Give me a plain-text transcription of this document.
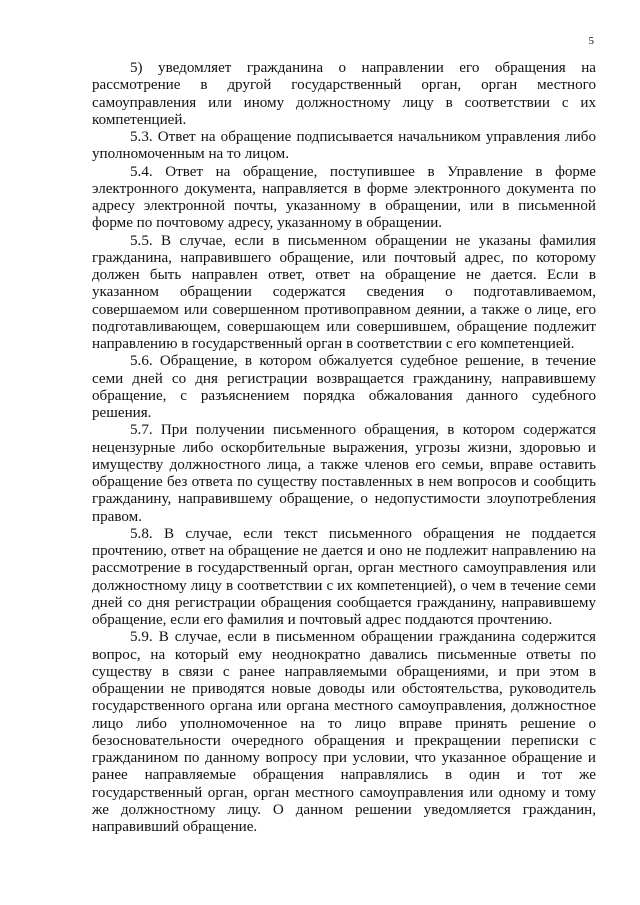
5

5) уведомляет гражданина о направлении его обращения на рассмотрение в другой государственный орган, орган местного самоуправления или иному должностному лицу в соответствии с их компетенцией.

5.3. Ответ на обращение подписывается начальником управления либо уполномоченным на то лицом.

5.4. Ответ на обращение, поступившее в Управление в форме электронного документа, направляется в форме электронного документа по адресу электронной почты, указанному в обращении, или в письменной форме по почтовому адресу, указанному в обращении.

5.5. В случае, если в письменном обращении не указаны фамилия гражданина, направившего обращение, или почтовый адрес, по которому должен быть направлен ответ, ответ на обращение не дается. Если в указанном обращении содержатся сведения о подготавливаемом, совершаемом или совершенном противоправном деянии, а также о лице, его подготавливающем, совершающем или совершившем, обращение подлежит направлению в государственный орган в соответствии с его компетенцией.

5.6. Обращение, в котором обжалуется судебное решение, в течение семи дней со дня регистрации возвращается гражданину, направившему обращение, с разъяснением порядка обжалования данного судебного решения.

5.7. При получении письменного обращения, в котором содержатся нецензурные либо оскорбительные выражения, угрозы жизни, здоровью и имуществу должностного лица, а также членов его семьи, вправе оставить обращение без ответа по существу поставленных в нем вопросов и сообщить гражданину, направившему обращение, о недопустимости злоупотребления правом.

5.8. В случае, если текст письменного обращения не поддается прочтению, ответ на обращение не дается и оно не подлежит направлению на рассмотрение в государственный орган, орган местного самоуправления или должностному лицу в соответствии с их компетенцией), о чем в течение семи дней со дня регистрации обращения сообщается гражданину, направившему обращение, если его фамилия и почтовый адрес поддаются прочтению.

5.9. В случае, если в письменном обращении гражданина содержится вопрос, на который ему неоднократно давались письменные ответы по существу в связи с ранее направляемыми обращениями, и при этом в обращении не приводятся новые доводы или обстоятельства, руководитель государственного органа или органа местного самоуправления, должностное лицо либо уполномоченное на то лицо вправе принять решение о безосновательности очередного обращения и прекращении переписки с гражданином по данному вопросу при условии, что указанное обращение и ранее направляемые обращения направлялись в один и тот же государственный орган, орган местного самоуправления или одному и тому же должностному лицу. О данном решении уведомляется гражданин, направивший обращение.
